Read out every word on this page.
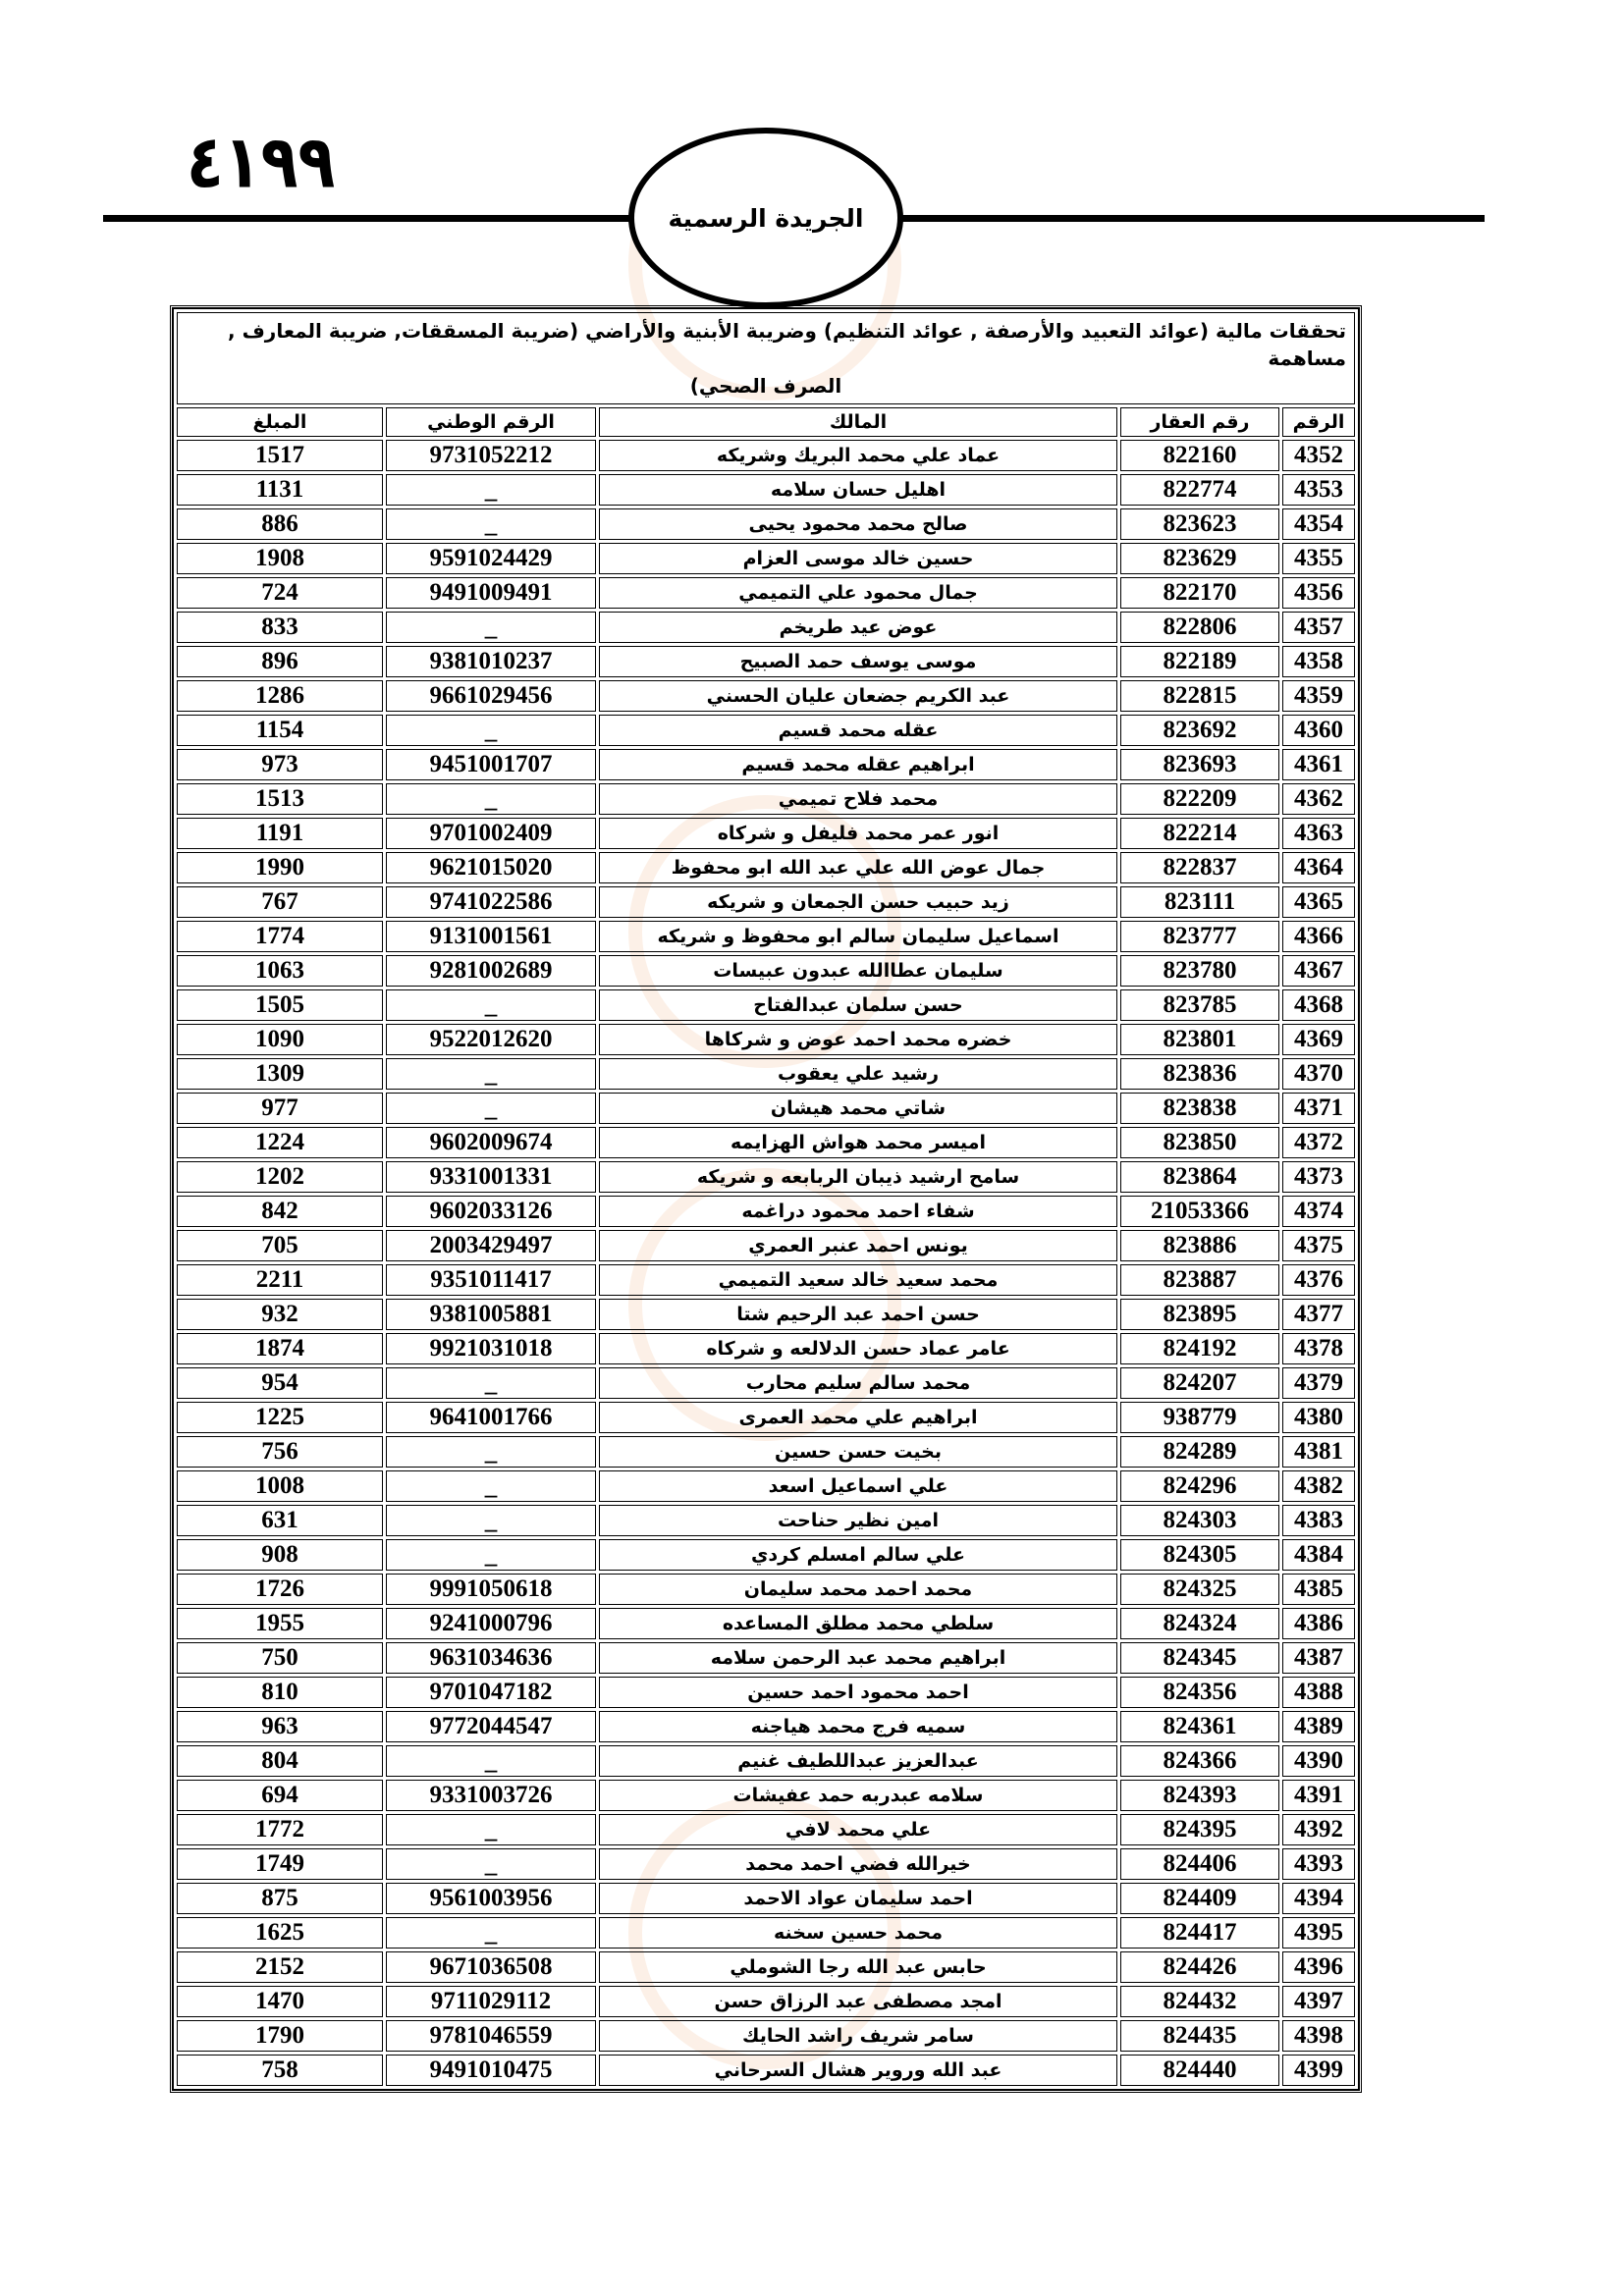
٤١٩٩
الجريدة الرسمية
تحققات مالية (عوائد التعبيد والأرصفة , عوائد التنظيم) وضريبة الأبنية والأراضي (ضريبة المسققات, ضريبة المعارف , مساهمة
الصرف الصحي)				

الرقم	رقم العقار	المالك	الرقم الوطني	المبلغ
4352	822160	عماد علي محمد البريك وشريكه	9731052212	1517
4353	822774	اهليل حسان سلامه	_	1131
4354	823623	صالح محمد محمود يحيى	_	886
4355	823629	حسين خالد موسى العزام	9591024429	1908
4356	822170	جمال محمود علي التميمي	9491009491	724
4357	822806	عوض عيد طريخم	_	833
4358	822189	موسى يوسف حمد الصبيح	9381010237	896
4359	822815	عبد الكريم جضعان عليان الحسني	9661029456	1286
4360	823692	عقله محمد قسيم	_	1154
4361	823693	ابراهيم عقله محمد قسيم	9451001707	973
4362	822209	محمد فلاح تميمي	_	1513
4363	822214	انور عمر محمد فليفل و شركاه	9701002409	1191
4364	822837	جمال عوض الله علي عبد الله ابو محفوظ	9621015020	1990
4365	823111	زيد حبيب حسن الجمعان و شريكه	9741022586	767
4366	823777	اسماعيل سليمان سالم ابو محفوظ و شريكه	9131001561	1774
4367	823780	سليمان عطاالله عبدون عبيسات	9281002689	1063
4368	823785	حسن سلمان عبدالفتاح	_	1505
4369	823801	خضره محمد احمد عوض و شركاها	9522012620	1090
4370	823836	رشيد علي يعقوب	_	1309
4371	823838	شاتي محمد هيشان	_	977
4372	823850	اميسر محمد هواش الهزايمه	9602009674	1224
4373	823864	سامح ارشيد ذيبان الربابعه و شريكه	9331001331	1202
4374	21053366	شفاء احمد محمود دراغمه	9602033126	842
4375	823886	يونس احمد عنبر العمري	2003429497	705
4376	823887	محمد سعيد خالد سعيد التميمي	9351011417	2211
4377	823895	حسن احمد عبد الرحيم شتا	9381005881	932
4378	824192	عامر عماد حسن الدلالعه و شركاه	9921031018	1874
4379	824207	محمد سالم سليم محارب	_	954
4380	938779	ابراهيم علي محمد العمرى	9641001766	1225
4381	824289	بخيت حسن حسين	_	756
4382	824296	علي اسماعيل اسعد	_	1008
4383	824303	امين نظير حناحت	_	631
4384	824305	علي سالم امسلم كردي	_	908
4385	824325	محمد احمد محمد سليمان	9991050618	1726
4386	824324	سلطي محمد مطلق المساعده	9241000796	1955
4387	824345	ابراهيم محمد عبد الرحمن سلامه	9631034636	750
4388	824356	احمد محمود احمد حسين	9701047182	810
4389	824361	سميه فرج محمد هياجنه	9772044547	963
4390	824366	عبدالعزيز عبداللطيف غنيم	_	804
4391	824393	سلامه عبدربه حمد عفيشات	9331003726	694
4392	824395	علي محمد لافي	_	1772
4393	824406	خيرالله فضي احمد محمد	_	1749
4394	824409	احمد سليمان عواد الاحمد	9561003956	875
4395	824417	محمد حسين سخنه	_	1625
4396	824426	حابس عبد الله رجا الشوملي	9671036508	2152
4397	824432	امجد مصطفى عبد الرزاق حسن	9711029112	1470
4398	824435	سامر شريف راشد الحايك	9781046559	1790
4399	824440	عبد الله وروير هشال السرحاني	9491010475	758
